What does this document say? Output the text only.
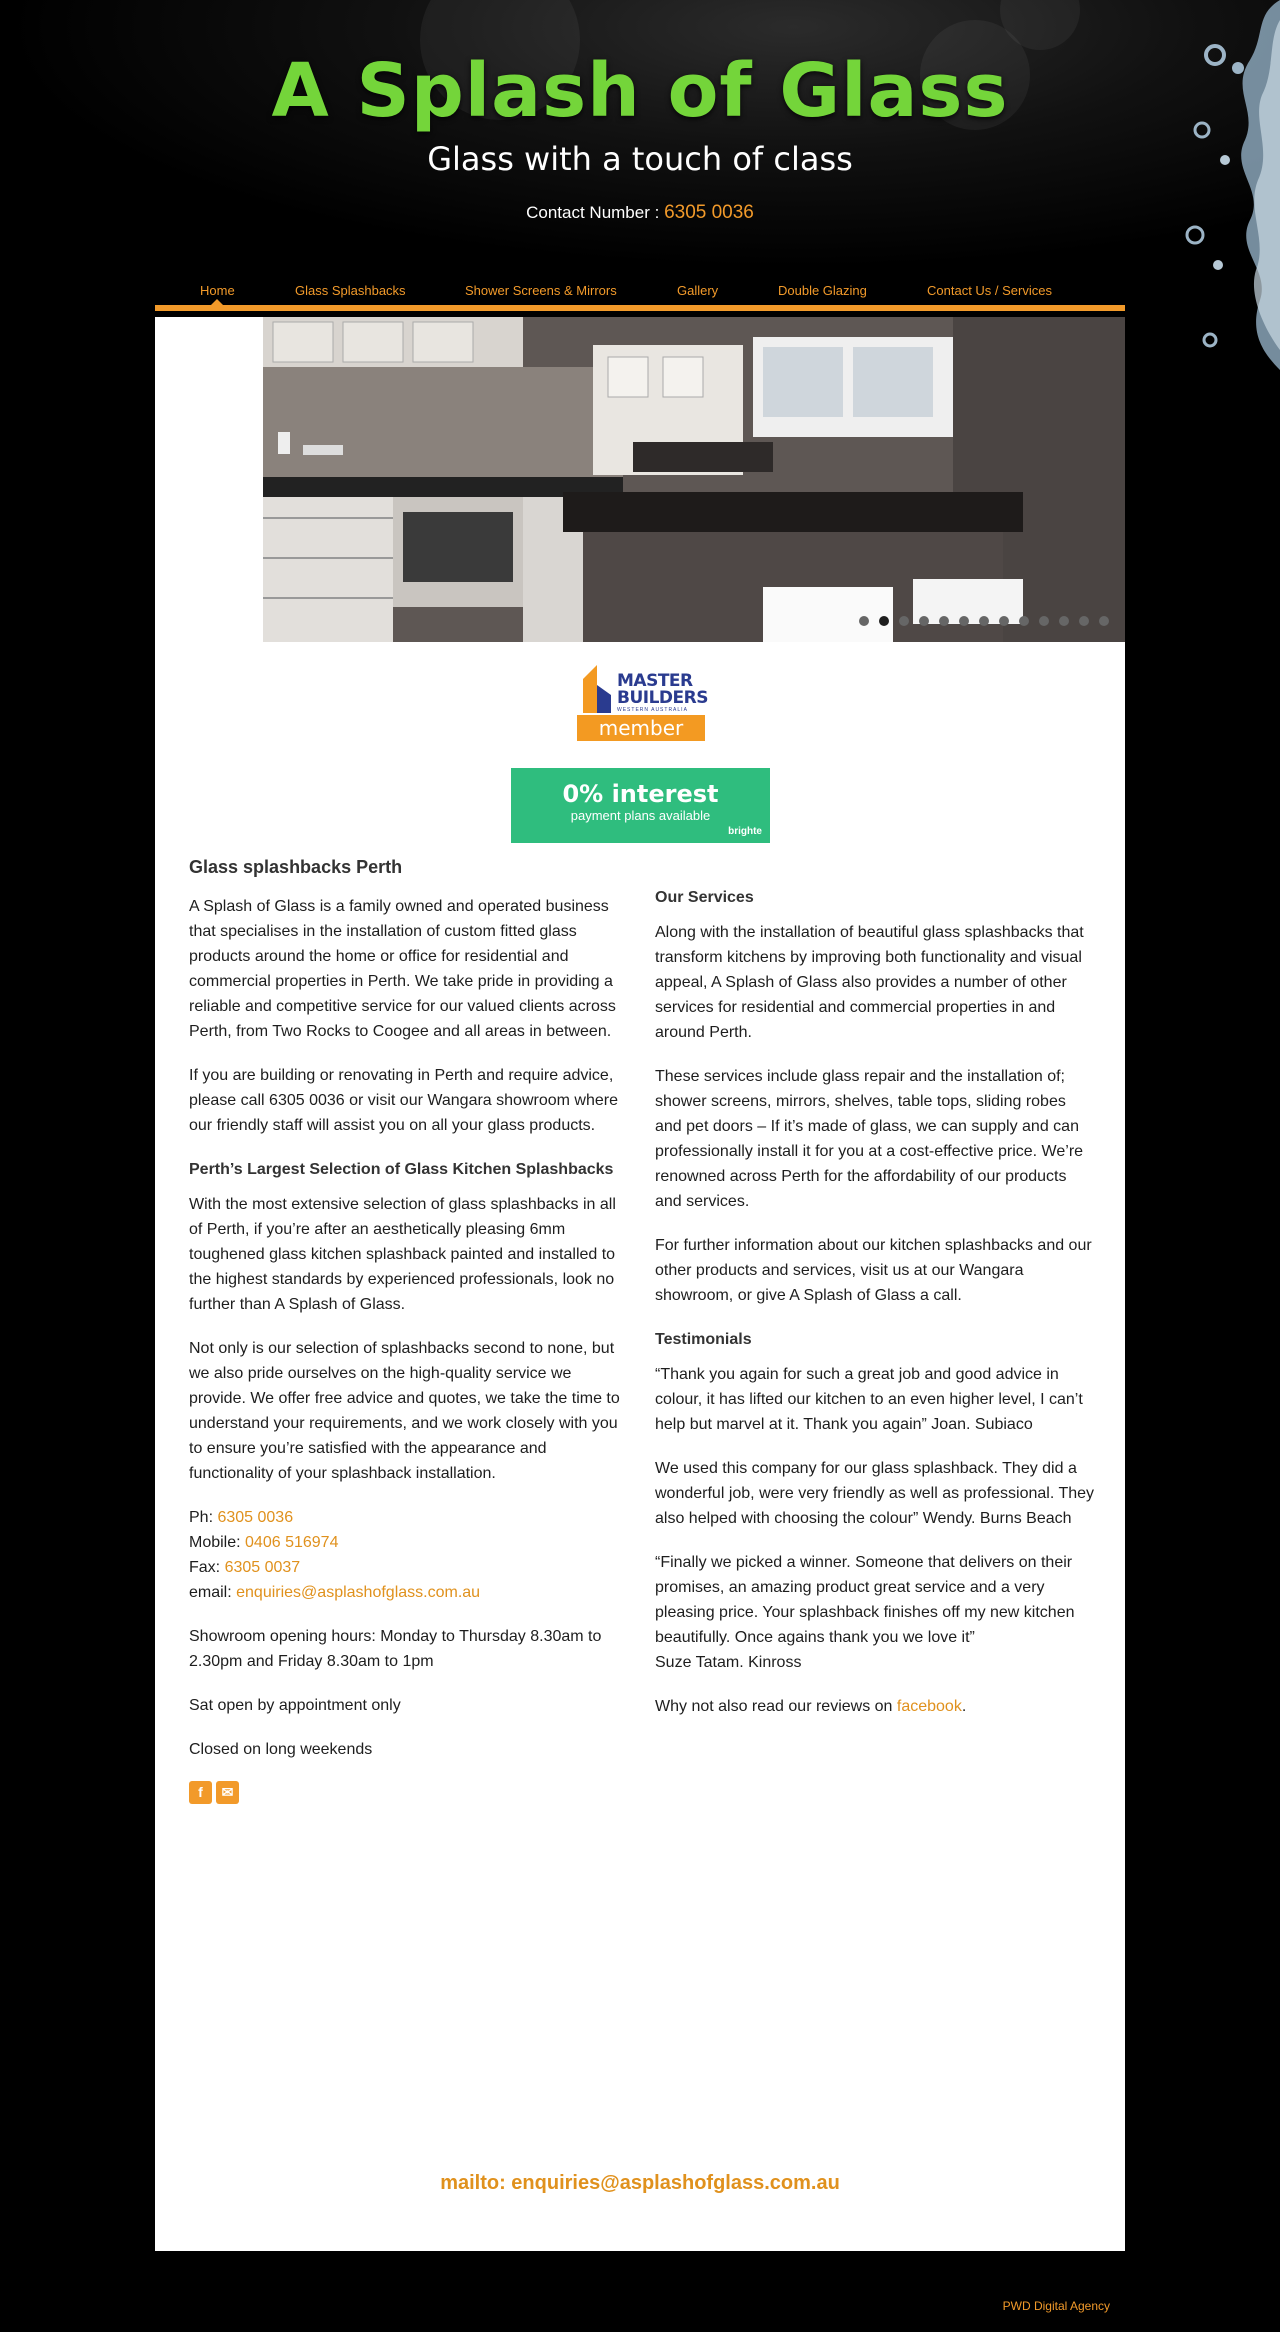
A Splash of Glass
Glass with a touch of class
Contact Number : 6305 0036
Home	Glass Splashbacks	Shower Screens & Mirrors	Gallery	Double Glazing	Contact Us / Services
MASTER
BUILDERS
WESTERN AUSTRALIA
member
0% interest
payment plans available
brighte
Glass splashbacks Perth

A Splash of Glass is a family owned and operated business that specialises in the installation of custom fitted glass products around the home or office for residential and commercial properties in Perth. We take pride in providing a reliable and competitive service for our valued clients across Perth, from Two Rocks to Coogee and all areas in between.

If you are building or renovating in Perth and require advice, please call 6305 0036 or visit our Wangara showroom where our friendly staff will assist you on all your glass products.

Perth’s Largest Selection of Glass Kitchen Splashbacks

With the most extensive selection of glass splashbacks in all of Perth, if you’re after an aesthetically pleasing 6mm toughened glass kitchen splashback painted and installed to the highest standards by experienced professionals, look no further than A Splash of Glass.

Not only is our selection of splashbacks second to none, but we also pride ourselves on the high-quality service we provide. We offer free advice and quotes, we take the time to understand your requirements, and we work closely with you to ensure you’re satisfied with the appearance and functionality of your splashback installation.

Ph: 6305 0036
Mobile: 0406 516974
Fax: 6305 0037
email: enquiries@asplashofglass.com.au

Showroom opening hours: Monday to Thursday 8.30am to 2.30pm and Friday 8.30am to 1pm

Sat open by appointment only

Closed on long weekends

f	✉
Our Services

Along with the installation of beautiful glass splashbacks that transform kitchens by improving both functionality and visual appeal, A Splash of Glass also provides a number of other services for residential and commercial properties in and around Perth.

These services include glass repair and the installation of; shower screens, mirrors, shelves, table tops, sliding robes and pet doors – If it’s made of glass, we can supply and can professionally install it for you at a cost-effective price. We’re renowned across Perth for the affordability of our products and services.

For further information about our kitchen splashbacks and our other products and services, visit us at our Wangara showroom, or give A Splash of Glass a call.

Testimonials

“Thank you again for such a great job and good advice in colour, it has lifted our kitchen to an even higher level, I can’t help but marvel at it. Thank you again” Joan. Subiaco

We used this company for our glass splashback. They did a wonderful job, were very friendly as well as professional. They also helped with choosing the colour” Wendy. Burns Beach

“Finally we picked a winner. Someone that delivers on their promises, an amazing product great service and a very pleasing price. Your splashback finishes off my new kitchen beautifully. Once agains thank you we love it”
Suze Tatam. Kinross

Why not also read our reviews on facebook.

mailto: enquiries@asplashofglass.com.au
PWD Digital Agency
